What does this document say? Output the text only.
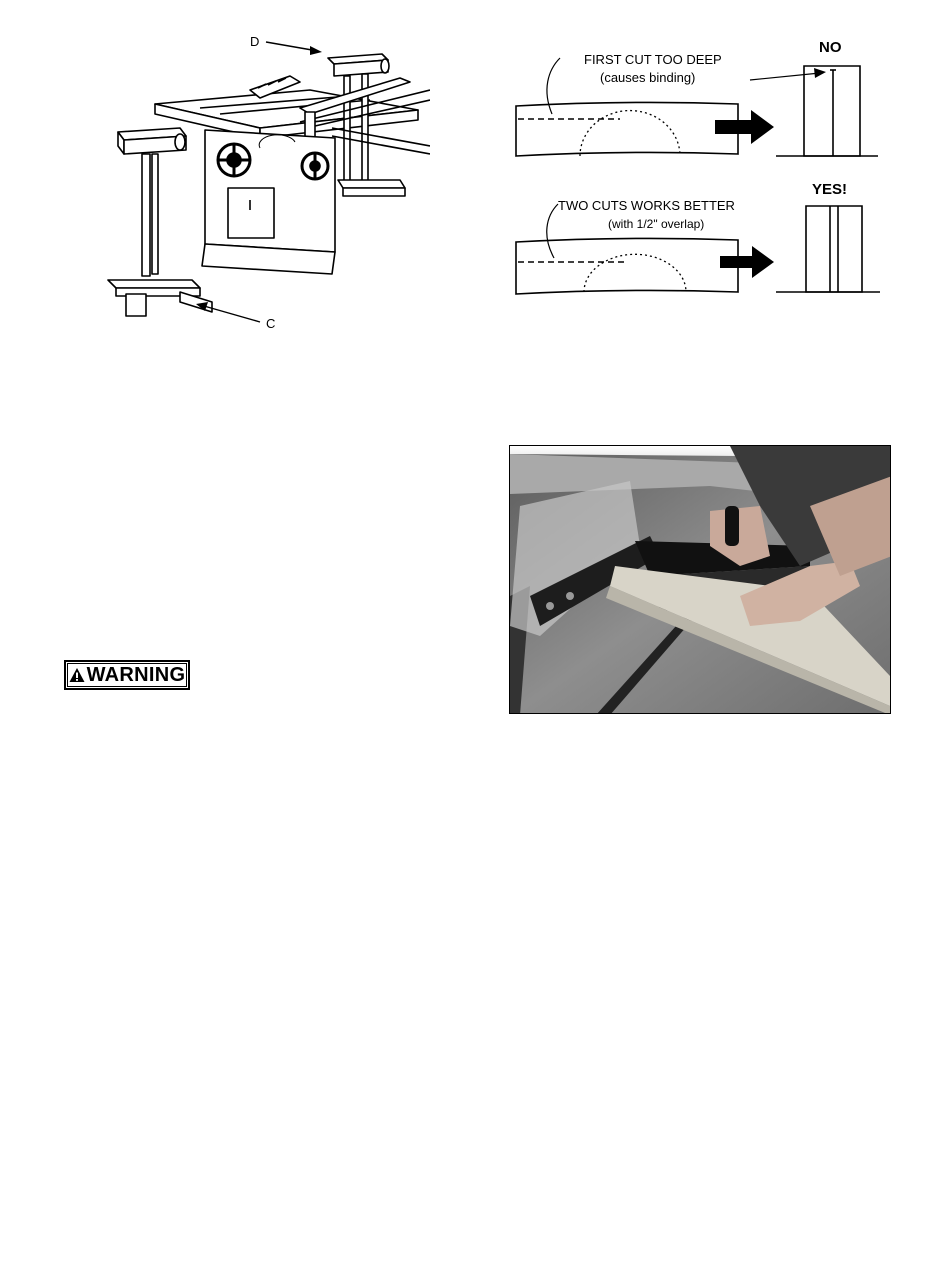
D
C
FIRST CUT TOO DEEP
(causes binding)
NO
TWO CUTS WORKS BETTER
(with 1/2" overlap)
YES!
WARNING
